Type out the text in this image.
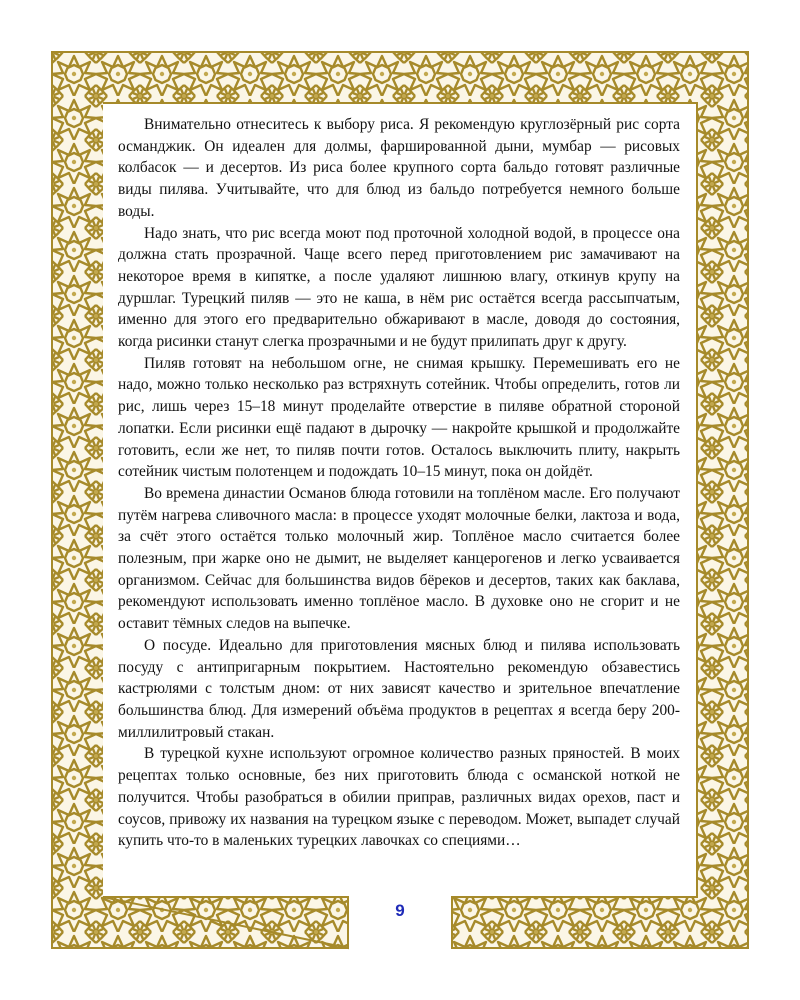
Внимательно отнеситесь к выбору риса. Я рекомендую круглозёрный рис сорта османджик. Он идеален для долмы, фаршированной дыни, мумбар — рисовых колбасок — и десертов. Из риса более крупного сорта бальдо готовят различные виды пилява. Учитывайте, что для блюд из бальдо потребуется немного больше воды.

Надо знать, что рис всегда моют под проточной холодной водой, в процессе она должна стать прозрачной. Чаще всего перед приготовлением рис замачивают на некоторое время в кипятке, а после удаляют лишнюю влагу, откинув крупу на дуршлаг. Турецкий пиляв — это не каша, в нём рис остаётся всегда рассыпчатым, именно для этого его предварительно обжаривают в масле, доводя до состояния, когда рисинки станут слегка прозрачными и не будут прилипать друг к другу.

Пиляв готовят на небольшом огне, не снимая крышку. Перемешивать его не надо, можно только несколько раз встряхнуть сотейник. Чтобы определить, готов ли рис, лишь через 15–18 минут проделайте отверстие в пиляве обратной стороной лопатки. Если рисинки ещё падают в дырочку — накройте крышкой и продолжайте готовить, если же нет, то пиляв почти готов. Осталось выключить плиту, накрыть сотейник чистым полотенцем и подождать 10–15 минут, пока он дойдёт.

Во времена династии Османов блюда готовили на топлёном масле. Его получают путём нагрева сливочного масла: в процессе уходят молочные белки, лактоза и вода, за счёт этого остаётся только молочный жир. Топлёное масло считается более полезным, при жарке оно не дымит, не выделяет канцерогенов и легко усваивается организмом. Сейчас для большинства видов бёреков и десертов, таких как баклава, рекомендуют использовать именно топлёное масло. В духовке оно не сгорит и не оставит тёмных следов на выпечке.

О посуде. Идеально для приготовления мясных блюд и пилява использовать посуду с антипригарным покрытием. Настоятельно рекомендую обзавестись кастрюлями с толстым дном: от них зависят качество и зрительное впечатление большинства блюд. Для измерений объёма продуктов в рецептах я всегда беру 200-миллилитровый стакан.

В турецкой кухне используют огромное количество разных пряностей. В моих рецептах только основные, без них приготовить блюда с османской ноткой не получится. Чтобы разобраться в обилии приправ, различных видах орехов, паст и соусов, привожу их названия на турецком языке с переводом. Может, выпадет случай купить что-то в маленьких турецких лавочках со специями…

9
